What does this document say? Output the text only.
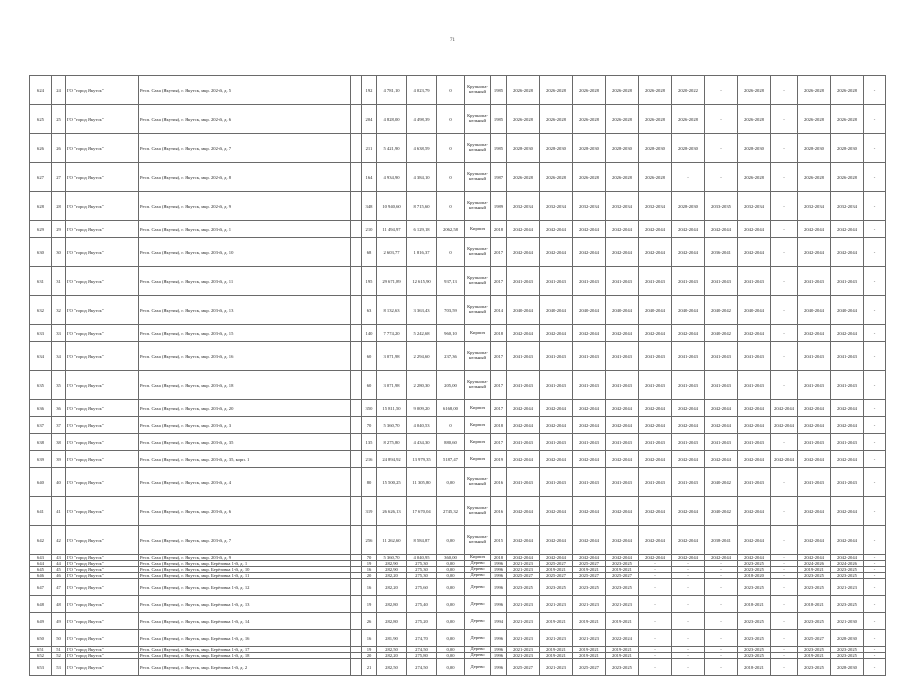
71
624	24	ГО "город Якутск"	Респ. Саха (Якутия), г. Якутск, мкр. 202-й, д. 5		192	4 781,10	4 023,79	0	Крупнопа-нельный	1985	2026-2028	2026-2028	2026-2028	2026-2028	2026-2028	2020-2022	-	2026-2028	-	2026-2028	2026-2028	-
625	25	ГО "город Якутск"	Респ. Саха (Якутия), г. Якутск, мкр. 202-й, д. 6		204	4 828,00	4 498,39	0	Крупнопа-нельный	1985	2026-2028	2026-2028	2026-2028	2026-2028	2026-2028	2026-2028	-	2026-2028	-	2026-2028	2026-2028	-
626	26	ГО "город Якутск"	Респ. Саха (Якутия), г. Якутск, мкр. 202-й, д. 7		211	5 421,90	4 638,59	0	Крупнопа-нельный	1985	2028-2030	2028-2030	2028-2030	2028-2030	2028-2030	2028-2030	-	2028-2030	-	2028-2030	2028-2030	-
627	27	ГО "город Якутск"	Респ. Саха (Якутия), г. Якутск, мкр. 202-й, д. 8		164	4 934,90	4 384,10	0	Крупнопа-нельный	1987	2026-2028	2026-2028	2026-2028	2026-2028	2026-2028	-	-	2026-2028	-	2026-2028	2026-2028	-
628	28	ГО "город Якутск"	Респ. Саха (Якутия), г. Якутск, мкр. 202-й, д. 9		348	10 940,60	8 715,60	0	Крупнопа-нельный	1989	2032-2034	2032-2034	2032-2034	2032-2034	2032-2034	2028-2030	2033-2035	2032-2034	-	2032-2034	2032-2034	-
629	29	ГО "город Якутск"	Респ. Саха (Якутия), г. Якутск, мкр. 203-й, д. 1		210	11 494,97	6 129,18	2062,58	Кирпич	2018	2042-2044	2042-2044	2042-2044	2042-2044	2042-2044	2042-2044	2042-2044	2042-2044	-	2042-2044	2042-2044	-
630	30	ГО "город Якутск"	Респ. Саха (Якутия), г. Якутск, мкр. 203-й, д. 10		68	2 603,77	1 816,37	0	Крупнопа-нельный	2017	2042-2044	2042-2044	2042-2044	2042-2044	2042-2044	2042-2044	2036-2041	2042-2044	-	2042-2044	2042-2044	-
631	31	ГО "город Якутск"	Респ. Саха (Якутия), г. Якутск, мкр. 203-й, д. 11		195	29 671,89	12 615,90	937,13	Крупнопа-нельный	2017	2041-2043	2041-2043	2041-2043	2041-2043	2041-2043	2041-2043	2041-2043	2041-2043	-	2041-2043	2041-2043	-
632	32	ГО "город Якутск"	Респ. Саха (Якутия), г. Якутск, мкр. 203-й, д. 13		63	8 132,63	3 363,43	703,59	Крупнопа-нельный	2014	2040-2044	2040-2044	2040-2044	2040-2044	2040-2044	2040-2044	2040-2042	2040-2044	-	2040-2044	2040-2044	-
633	33	ГО "город Якутск"	Респ. Саха (Якутия), г. Якутск, мкр. 203-й, д. 15		140	7 774,20	5 242,68	960,10	Кирпич	2018	2042-2044	2042-2044	2042-2044	2042-2044	2042-2044	2042-2044	2040-2042	2042-2044	-	2042-2044	2042-2044	-
634	34	ГО "город Якутск"	Респ. Саха (Якутия), г. Якутск, мкр. 203-й, д. 16		60	3 071,98	2 294,60	237,36	Крупнопа-нельный	2017	2041-2043	2041-2043	2041-2043	2041-2043	2041-2043	2041-2043	2041-2043	2041-2043	-	2041-2043	2041-2043	-
635	35	ГО "город Якутск"	Респ. Саха (Якутия), г. Якутск, мкр. 203-й, д. 18		60	3 071,98	2 280,30	205,00	Крупнопа-нельный	2017	2041-2043	2041-2043	2041-2043	2041-2043	2041-2043	2041-2043	2041-2043	2041-2043	-	2041-2043	2041-2043	-
636	36	ГО "город Якутск"	Респ. Саха (Якутия), г. Якутск, мкр. 203-й, д. 20		350	15 811,50	9 009,20	6168,00	Кирпич	2017	2042-2044	2042-2044	2042-2044	2042-2044	2042-2044	2042-2044	2042-2044	2042-2044	2042-2044	2042-2044	2042-2044	-
637	37	ГО "город Якутск"	Респ. Саха (Якутия), г. Якутск, мкр. 203-й, д. 3		70	5 360,70	4 040,53	0	Кирпич	2018	2042-2044	2042-2044	2042-2044	2042-2044	2042-2044	2042-2044	2042-2044	2042-2044	2042-2044	2042-2044	2042-2044	-
638	38	ГО "город Якутск"	Респ. Саха (Якутия), г. Якутск, мкр. 203-й, д. 35		135	8 275,80	4 434,30	880,60	Кирпич	2017	2041-2043	2041-2043	2041-2043	2041-2043	2041-2043	2041-2043	2041-2043	2041-2043	-	2041-2043	2041-2043	-
639	39	ГО "город Якутск"	Респ. Саха (Якутия), г. Якутск, мкр. 203-й, д. 35, корп. 1		216	24 894,92	13 979,35	5187,47	Кирпич	2019	2042-2044	2042-2044	2042-2044	2042-2044	2042-2044	2042-2044	2042-2044	2042-2044	2042-2044	2042-2044	2042-2044	-
640	40	ГО "город Якутск"	Респ. Саха (Якутия), г. Якутск, мкр. 203-й, д. 4		80	15 500,25	11 305,80	0,00	Крупнопа-нельный	2016	2041-2043	2041-2043	2041-2043	2041-2043	2041-2043	2041-2043	2040-2042	2041-2043	-	2041-2043	2041-2043	-
641	41	ГО "город Якутск"	Респ. Саха (Якутия), г. Якутск, мкр. 203-й, д. 6		319	26 626,13	17 670,04	2745,32	Крупнопа-нельный	2016	2042-2044	2042-2044	2042-2044	2042-2044	2042-2044	2042-2044	2040-2042	2042-2044	-	2042-2044	2042-2044	-
642	42	ГО "город Якутск"	Респ. Саха (Якутия), г. Якутск, мкр. 203-й, д. 7		256	11 262,60	8 584,87	0,00	Крупнопа-нельный	2015	2042-2044	2042-2044	2042-2044	2042-2044	2042-2044	2042-2044	2038-2041	2042-2044	-	2042-2044	2042-2044	-
643	43	ГО "город Якутск"	Респ. Саха (Якутия), г. Якутск, мкр. 203-й, д. 9		70	5 360,70	4 040,95	360,00	Кирпич	2018	2042-2044	2042-2044	2042-2044	2042-2044	2042-2044	2042-2044	2042-2044	2042-2044	-	2042-2044	2042-2044	-
644	44	ГО "город Якутск"	Респ. Саха (Якутия), г. Якутск, мкр. Берёзовка 1-й, д. 1		19	282,90	275,30	0,00	Дерево	1996	2021-2023	2025-2027	2025-2027	2023-2025	-	-	-	2023-2025	-	2024-2026	2024-2026	-
645	45	ГО "город Якутск"	Респ. Саха (Якутия), г. Якутск, мкр. Берёзовка 1-й, д. 10		16	282,90	275,30	0,00	Дерево	1996	2021-2023	2019-2021	2019-2021	2019-2021	-	-	-	2023-2025	-	2019-2021	2023-2025	-
646	46	ГО "город Якутск"	Респ. Саха (Якутия), г. Якутск, мкр. Берёзовка 1-й, д. 11		20	282,20	275,30	0,00	Дерево	1996	2025-2027	2025-2027	2025-2027	2025-2027	-	-	-	2018-2020	-	2023-2025	2023-2025	-
647	47	ГО "город Якутск"	Респ. Саха (Якутия), г. Якутск, мкр. Берёзовка 1-й, д. 12		16	282,20	275,60	0,00	Дерево	1996	2023-2025	2023-2025	2023-2025	2023-2025	-	-	-	2023-2025	-	2023-2025	2021-2023	-
648	48	ГО "город Якутск"	Респ. Саха (Якутия), г. Якутск, мкр. Берёзовка 1-й, д. 13		19	282,80	275,40	0,00	Дерево	1996	2021-2023	2021-2023	2021-2023	2021-2023	-	-	-	2018-2021	-	2018-2021	2023-2025	-
649	49	ГО "город Якутск"	Респ. Саха (Якутия), г. Якутск, мкр. Берёзовка 1-й, д. 14		26	282,80	275,20	0,00	Дерево	1994	2021-2023	2019-2021	2019-2021	2019-2021	-	-	-	2023-2025	-	2023-2025	2021-2030	-
650	50	ГО "город Якутск"	Респ. Саха (Якутия), г. Якутск, мкр. Берёзовка 1-й, д. 16		16	281,90	274,70	0,00	Дерево	1996	2021-2023	2021-2023	2021-2023	2022-2024	-	-	-	2023-2025	-	2025-2027	2028-2030	-
651	51	ГО "город Якутск"	Респ. Саха (Якутия), г. Якутск, мкр. Берёзовка 1-й, д. 17		19	282,50	274,50	0,00	Дерево	1996	2021-2023	2019-2021	2019-2021	2019-2021	-	-	-	2023-2025	-	2023-2025	2023-2025	-
652	52	ГО "город Якутск"	Респ. Саха (Якутия), г. Якутск, мкр. Берёзовка 1-й, д. 18		20	282,20	275,80	0,00	Дерево	1996	2021-2023	2019-2021	2019-2021	2019-2021	-	-	-	2023-2025	-	2019-2021	2023-2025	-
653	53	ГО "город Якутск"	Респ. Саха (Якутия), г. Якутск, мкр. Берёзовка 1-й, д. 2		21	282,50	274,50	0,00	Дерево	1996	2025-2027	2021-2023	2025-2027	2023-2025	-	-	-	2018-2021	-	2023-2025	2028-2030	-
